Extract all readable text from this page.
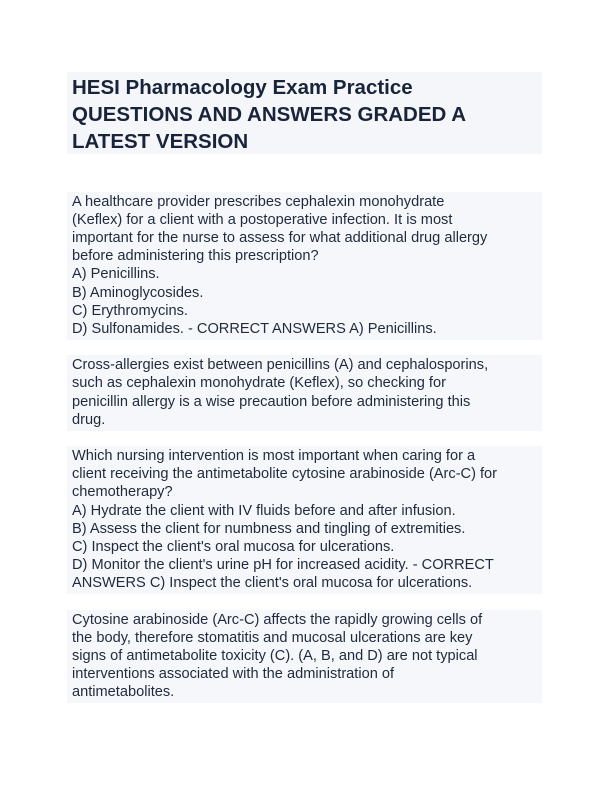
HESI Pharmacology Exam Practice
QUESTIONS AND ANSWERS GRADED A
LATEST VERSION
A healthcare provider prescribes cephalexin monohydrate
(Keflex) for a client with a postoperative infection. It is most
important for the nurse to assess for what additional drug allergy
before administering this prescription?
A) Penicillins.
B) Aminoglycosides.
C) Erythromycins.
D) Sulfonamides. - CORRECT ANSWERS A) Penicillins.
Cross-allergies exist between penicillins (A) and cephalosporins,
such as cephalexin monohydrate (Keflex), so checking for
penicillin allergy is a wise precaution before administering this
drug.
Which nursing intervention is most important when caring for a
client receiving the antimetabolite cytosine arabinoside (Arc-C) for
chemotherapy?
A) Hydrate the client with IV fluids before and after infusion.
B) Assess the client for numbness and tingling of extremities.
C) Inspect the client's oral mucosa for ulcerations.
D) Monitor the client's urine pH for increased acidity. - CORRECT
ANSWERS C) Inspect the client's oral mucosa for ulcerations.
Cytosine arabinoside (Arc-C) affects the rapidly growing cells of
the body, therefore stomatitis and mucosal ulcerations are key
signs of antimetabolite toxicity (C). (A, B, and D) are not typical
interventions associated with the administration of
antimetabolites.
